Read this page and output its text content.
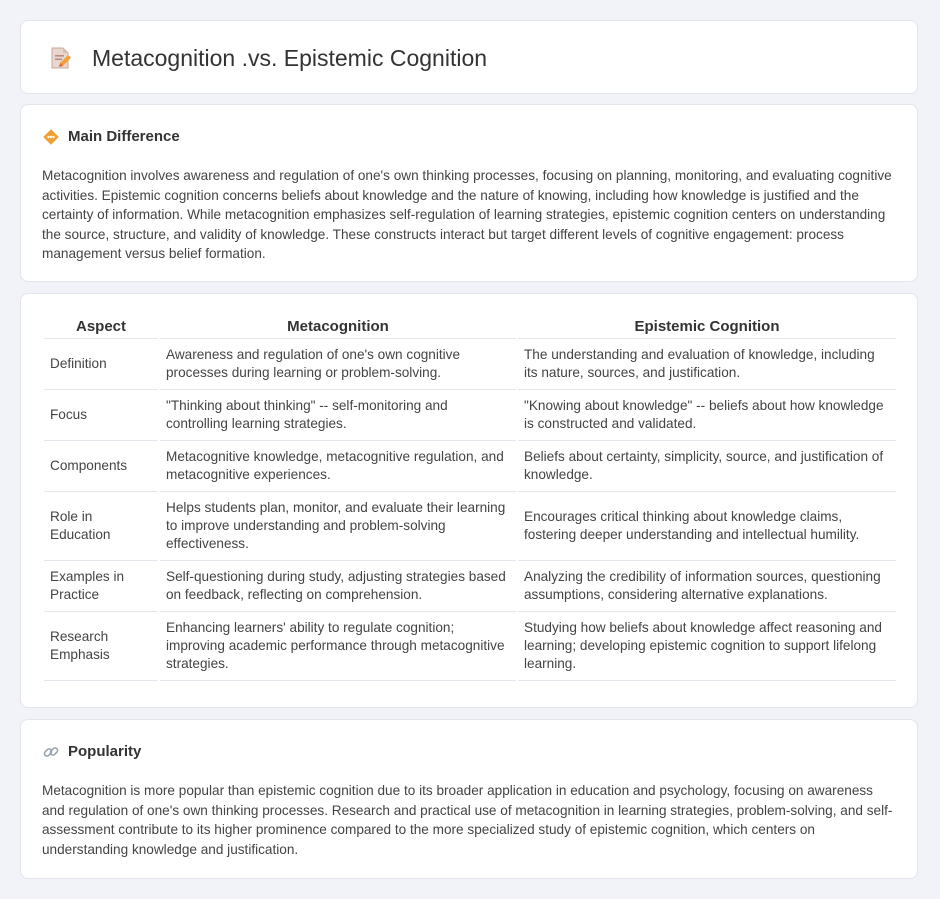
Metacognition .vs. Epistemic Cognition
Main Difference

Metacognition involves awareness and regulation of one's own thinking processes, focusing on planning, monitoring, and evaluating cognitive activities. Epistemic cognition concerns beliefs about knowledge and the nature of knowing, including how knowledge is justified and the certainty of information. While metacognition emphasizes self-regulation of learning strategies, epistemic cognition centers on understanding the source, structure, and validity of knowledge. These constructs interact but target different levels of cognitive engagement: process management versus belief formation.

Aspect	Metacognition	Epistemic Cognition
Definition	Awareness and regulation of one's own cognitive processes during learning or problem-solving.	The understanding and evaluation of knowledge, including its nature, sources, and justification.
Focus	"Thinking about thinking" -- self-monitoring and controlling learning strategies.	"Knowing about knowledge" -- beliefs about how knowledge is constructed and validated.
Components	Metacognitive knowledge, metacognitive regulation, and metacognitive experiences.	Beliefs about certainty, simplicity, source, and justification of knowledge.
Role in Education	Helps students plan, monitor, and evaluate their learning to improve understanding and problem-solving effectiveness.	Encourages critical thinking about knowledge claims, fostering deeper understanding and intellectual humility.
Examples in Practice	Self-questioning during study, adjusting strategies based on feedback, reflecting on comprehension.	Analyzing the credibility of information sources, questioning assumptions, considering alternative explanations.
Research Emphasis	Enhancing learners' ability to regulate cognition; improving academic performance through metacognitive strategies.	Studying how beliefs about knowledge affect reasoning and learning; developing epistemic cognition to support lifelong learning.
Popularity

Metacognition is more popular than epistemic cognition due to its broader application in education and psychology, focusing on awareness and regulation of one's own thinking processes. Research and practical use of metacognition in learning strategies, problem-solving, and self-assessment contribute to its higher prominence compared to the more specialized study of epistemic cognition, which centers on understanding knowledge and justification.
